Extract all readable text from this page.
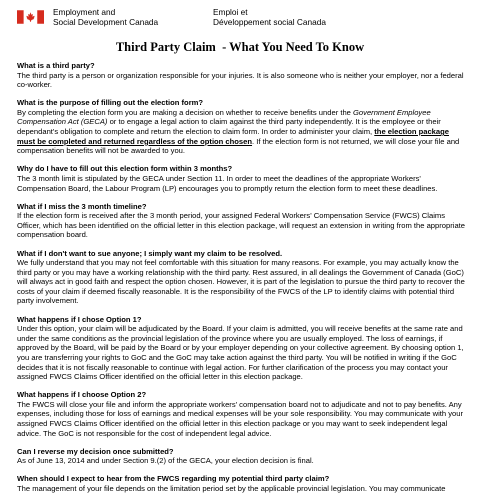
Employment and
Social Development Canada
Emploi et
Développement social Canada
Third Party Claim  - What You Need To Know
What is a third party?
The third party is a person or organization responsible for your injuries. It is also someone who is neither your employer, nor a federal co-worker.
What is the purpose of filling out the election form?
By completing the election form you are making a decision on whether to receive benefits under the Government Employee Compensation Act (GECA) or to engage a legal action to claim against the third party independently. It is the employee or their dependant's obligation to complete and return the election to claim form. In order to administer your claim, the election package must be completed and returned regardless of the option chosen. If the election form is not returned, we will close your file and compensation benefits will not be awarded to you.
Why do I have to fill out this election form within 3 months?
The 3 month limit is stipulated by the GECA under Section 11. In order to meet the deadlines of the appropriate Workers' Compensation Board, the Labour Program (LP) encourages you to promptly return the election form to meet these deadlines.
What if I miss the 3 month timeline?
If the election form is received after the 3 month period, your assigned Federal Workers' Compensation Service (FWCS) Claims Officer, which has been identified on the official letter in this election package, will request an extension in writing from the appropriate compensation board.
What if I don't want to sue anyone; I simply want my claim to be resolved.
We fully understand that you may not feel comfortable with this situation for many reasons. For example, you may actually know the third party or you may have a working relationship with the third party. Rest assured, in all dealings the Government of Canada (GoC) will always act in good faith and respect the option chosen. However, it is part of the legislation to pursue the third party to recover the costs of your claim if deemed fiscally reasonable. It is the responsibility of the FWCS of the LP to identify claims with potential third party involvement.
What happens if I chose Option 1?
Under this option, your claim will be adjudicated by the Board. If your claim is admitted, you will receive benefits at the same rate and under the same conditions as the provincial legislation of the province where you are usually employed. The loss of earnings, if approved by the Board, will be paid by the Board or by your employer depending on your collective agreement. By choosing option 1, you are transferring your rights to GoC and the GoC may take action against the third party. You will be notified in writing if the GoC decides that it is not fiscally reasonable to continue with legal action. For further clarification of the process you may contact your assigned FWCS Claims Officer identified on the official letter in this election package.
What happens if I choose Option 2?
The FWCS will close your file and inform the appropriate workers' compensation board not to adjudicate and not to pay benefits. Any expenses, including those for loss of earnings and medical expenses will be your sole responsibility. You may communicate with your assigned FWCS Claims Officer identified on the official letter in this election package or you may want to seek independent legal advice. The GoC is not responsible for the cost of independent legal advice.
Can I reverse my decision once submitted?
As of June 13, 2014 and under Section 9.(2) of the GECA, your election decision is final.
When should I expect to hear from the FWCS regarding my potential third party claim?
The management of your file depends on the limitation period set by the applicable provincial legislation. You may communicate
